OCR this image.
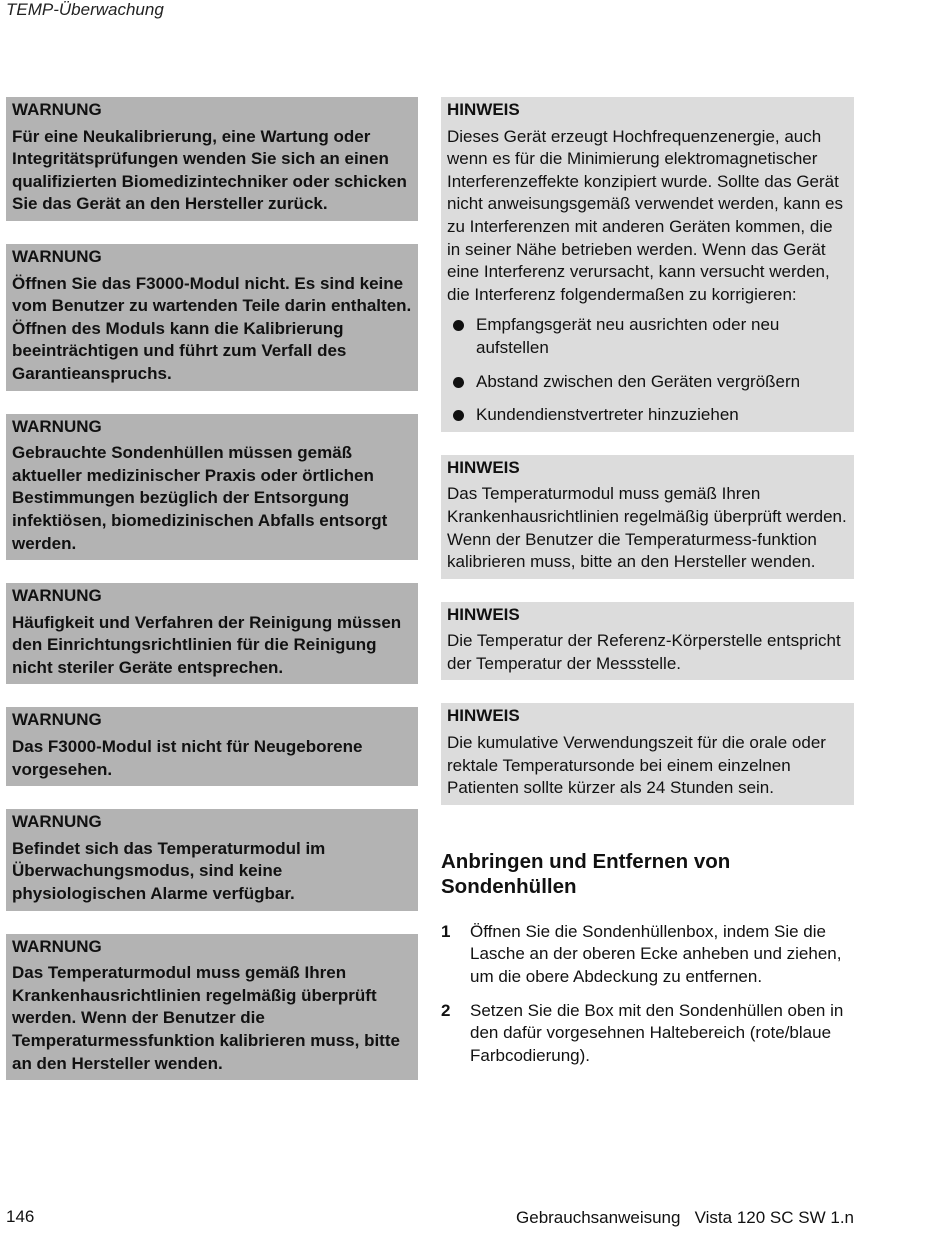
TEMP-Überwachung
WARNUNG
Für eine Neukalibrierung, eine Wartung oder Integritätsprüfungen wenden Sie sich an einen qualifizierten Biomedizintechniker oder schicken Sie das Gerät an den Hersteller zurück.
WARNUNG
Öffnen Sie das F3000-Modul nicht. Es sind keine vom Benutzer zu wartenden Teile darin enthalten. Öffnen des Moduls kann die Kalibrierung beeinträchtigen und führt zum Verfall des Garantieanspruchs.
WARNUNG
Gebrauchte Sondenhüllen müssen gemäß aktueller medizinischer Praxis oder örtlichen Bestimmungen bezüglich der Entsorgung infektiösen, biomedizinischen Abfalls entsorgt werden.
WARNUNG
Häufigkeit und Verfahren der Reinigung müssen den Einrichtungsrichtlinien für die Reinigung nicht steriler Geräte entsprechen.
WARNUNG
Das F3000-Modul ist nicht für Neugeborene vorgesehen.
WARNUNG
Befindet sich das Temperaturmodul im Überwachungsmodus, sind keine physiologischen Alarme verfügbar.
WARNUNG
Das Temperaturmodul muss gemäß Ihren Krankenhausrichtlinien regelmäßig überprüft werden. Wenn der Benutzer die Temperaturmessfunktion kalibrieren muss, bitte an den Hersteller wenden.
HINWEIS
Dieses Gerät erzeugt Hochfrequenzenergie, auch wenn es für die Minimierung elektromagnetischer Interferenzeffekte konzipiert wurde. Sollte das Gerät nicht anweisungsgemäß verwendet werden, kann es zu Interferenzen mit anderen Geräten kommen, die in seiner Nähe betrieben werden. Wenn das Gerät eine Interferenz verursacht, kann versucht werden, die Interferenz folgendermaßen zu korrigieren:
Empfangsgerät neu ausrichten oder neu aufstellen
Abstand zwischen den Geräten vergrößern
Kundendienstvertreter hinzuziehen
HINWEIS
Das Temperaturmodul muss gemäß Ihren Krankenhausrichtlinien regelmäßig überprüft werden. Wenn der Benutzer die Temperaturmess-funktion kalibrieren muss, bitte an den Hersteller wenden.
HINWEIS
Die Temperatur der Referenz-Körperstelle entspricht der Temperatur der Messstelle.
HINWEIS
Die kumulative Verwendungszeit für die orale oder rektale Temperatursonde bei einem einzelnen Patienten sollte kürzer als 24 Stunden sein.
Anbringen und Entfernen von Sondenhüllen
1 Öffnen Sie die Sondenhüllenbox, indem Sie die Lasche an der oberen Ecke anheben und ziehen, um die obere Abdeckung zu entfernen.
2 Setzen Sie die Box mit den Sondenhüllen oben in den dafür vorgesehnen Haltebereich (rote/blaue Farbcodierung).
146	Gebrauchsanweisung   Vista 120 SC SW 1.n
